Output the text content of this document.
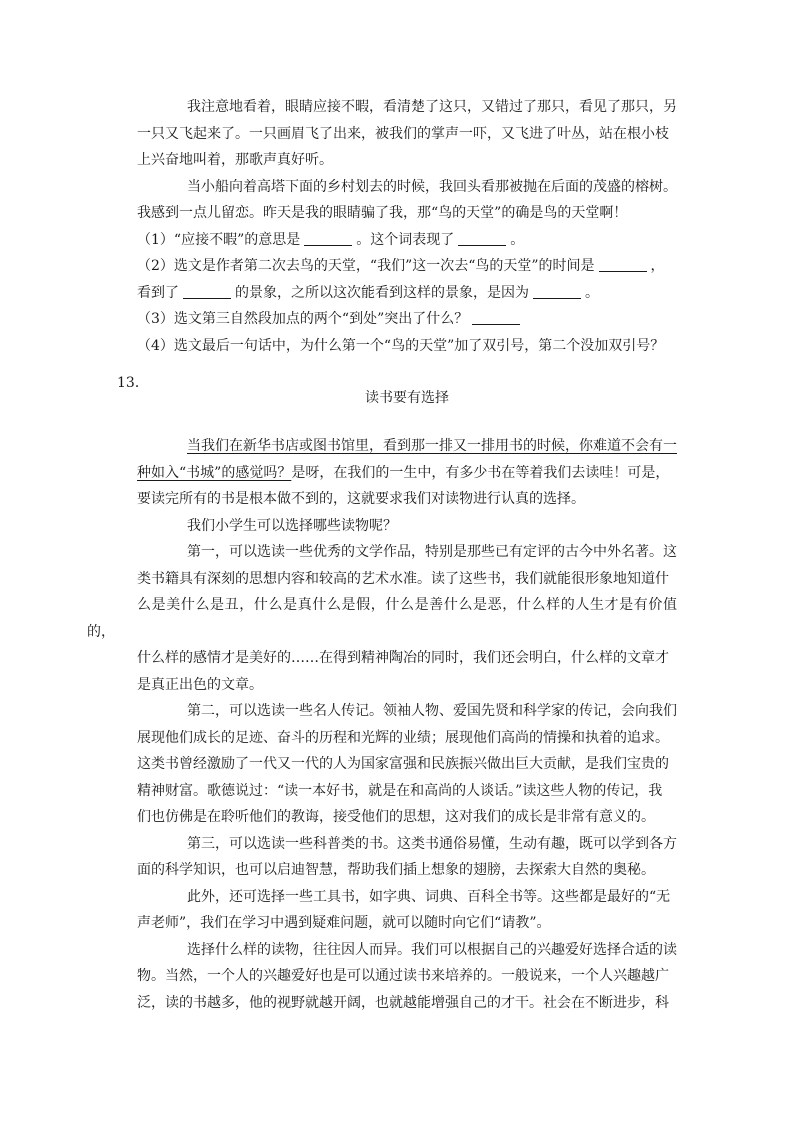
我注意地看着，眼睛应接不暇，看清楚了这只，又错过了那只，看见了那只，另
一只又飞起来了。一只画眉飞了出来，被我们的掌声一吓，又飞进了叶丛，站在根小枝
上兴奋地叫着，那歌声真好听。

当小船向着高塔下面的乡村划去的时候，我回头看那被抛在后面的茂盛的榕树。
我感到一点儿留恋。昨天是我的眼睛骗了我，那“鸟的天堂”的确是鸟的天堂啊！

（1）“应接不暇”的意思是	。这个词表现了	。

（2）选文是作者第二次去鸟的天堂，“我们”这一次去“鸟的天堂”的时间是	，
看到了	的景象，之所以这次能看到这样的景象，是因为	。

（3）选文第三自然段加点的两个“到处”突出了什么？

（4）选文最后一句话中，为什么第一个“鸟的天堂”加了双引号，第二个没加双引号？

读书要有选择

当我们在新华书店或图书馆里，看到那一排又一排用书的时候，你难道不会有一
种如入“书城”的感觉吗？是呀，在我们的一生中，有多少书在等着我们去读哇！可是，
要读完所有的书是根本做不到的，这就要求我们对读物进行认真的选择。

我们小学生可以选择哪些读物呢？

第一，可以选读一些优秀的文学作品，特别是那些已有定评的古今中外名著。这
类书籍具有深刻的思想内容和较高的艺术水准。读了这些书，我们就能很形象地知道什
么是美什么是丑，什么是真什么是假，什么是善什么是恶，什么样的人生才是有价值的，
什么样的感情才是美好的……在得到精神陶冶的同时，我们还会明白，什么样的文章才
是真正出色的文章。

第二，可以选读一些名人传记。领袖人物、爱国先贤和科学家的传记，会向我们
展现他们成长的足迹、奋斗的历程和光辉的业绩；展现他们高尚的情操和执着的追求。
这类书曾经激励了一代又一代的人为国家富强和民族振兴做出巨大贡献，是我们宝贵的
精神财富。歌德说过：“读一本好书，就是在和高尚的人谈话。”读这些人物的传记，我
们也仿佛是在聆听他们的教诲，接受他们的思想，这对我们的成长是非常有意义的。

第三，可以选读一些科普类的书。这类书通俗易懂，生动有趣，既可以学到各方
面的科学知识，也可以启迪智慧，帮助我们插上想象的翅膀，去探索大自然的奥秘。

此外，还可选择一些工具书，如字典、词典、百科全书等。这些都是最好的“无
声老师”，我们在学习中遇到疑难问题，就可以随时向它们“请教”。

选择什么样的读物，往往因人而异。我们可以根据自己的兴趣爱好选择合适的读
物。当然，一个人的兴趣爱好也是可以通过读书来培养的。一般说来，一个人兴趣越广
泛，读的书越多，他的视野就越开阔，也就越能增强自己的才干。社会在不断进步，科

13．
